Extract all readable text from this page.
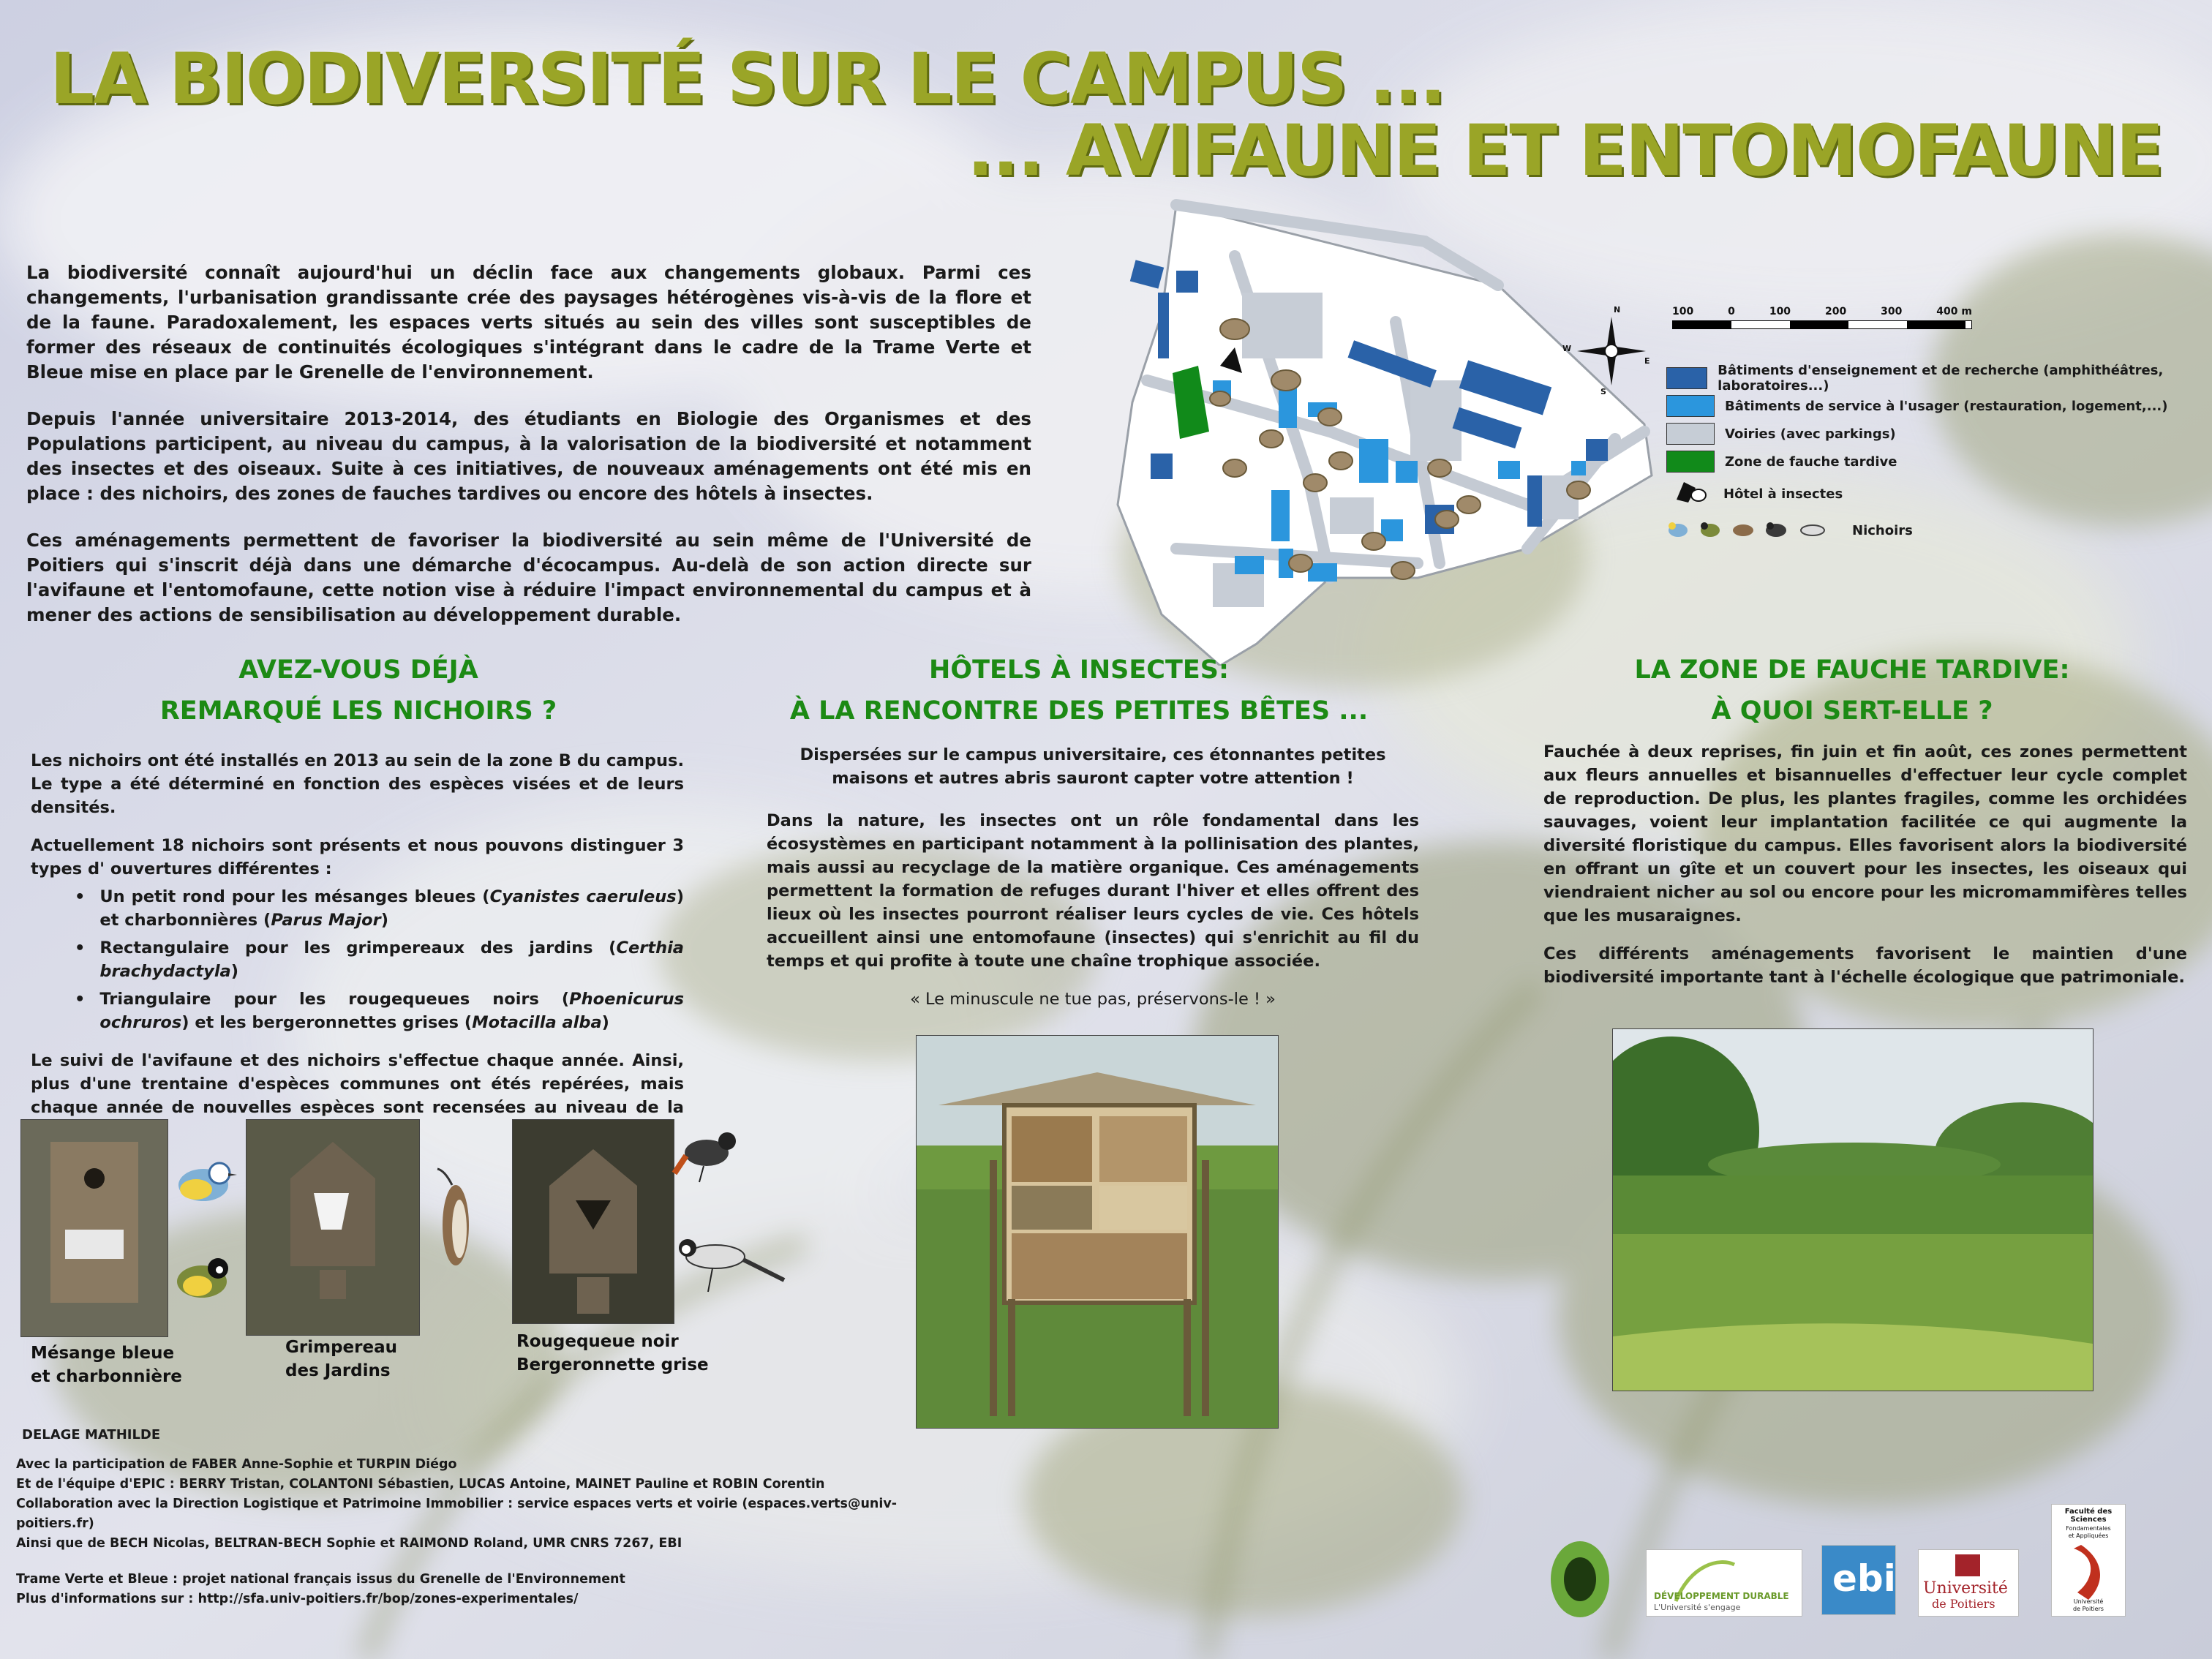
LA BIODIVERSITÉ SUR LE CAMPUS ...
... AVIFAUNE ET ENTOMOFAUNE

La biodiversité connaît aujourd'hui un déclin face aux changements globaux. Parmi ces changements, l'urbanisation grandissante crée des paysages hétérogènes vis-à-vis de la flore et de la faune. Paradoxalement, les espaces verts situés au sein des villes sont susceptibles de former des réseaux de continuités écologiques s'intégrant dans le cadre de la Trame Verte et Bleue mise en place par le Grenelle de l'environnement.

Depuis l'année universitaire 2013-2014, des étudiants en Biologie des Organismes et des Populations participent, au niveau du campus, à la valorisation de la biodiversité et notamment des insectes et des oiseaux. Suite à ces initiatives, de nouveaux aménagements ont été mis en place : des nichoirs, des zones de fauches tardives ou encore des hôtels à insectes.

Ces aménagements permettent de favoriser la biodiversité au sein même de l'Université de Poitiers qui s'inscrit déjà dans une démarche d'écocampus. Au-delà de son action directe sur l'avifaune et l'entomofaune, cette notion vise à réduire l'impact environnemental du campus et à mener des actions de sensibilisation au développement durable.

100	0	100	200	300	400 m
N
E
S
W
Bâtiments d'enseignement et de recherche (amphithéâtres, laboratoires...)
Bâtiments de service à l'usager (restauration, logement,...)
Voiries (avec parkings)
Zone de fauche tardive
Hôtel à insectes
Nichoirs
AVEZ-VOUS DÉJÀ
REMARQUÉ LES NICHOIRS ?

Les nichoirs ont été installés en 2013 au sein de la zone B du campus. Le type a été déterminé en fonction des espèces visées et de leurs densités.

Actuellement 18 nichoirs sont présents et nous pouvons distinguer 3 types d' ouvertures différentes :

• Un petit rond pour les mésanges bleues (Cyanistes caeruleus) et charbonnières (Parus Major)
• Rectangulaire pour les grimpereaux des jardins (Certhia brachydactyla)
• Triangulaire pour les rougequeues noirs (Phoenicurus ochruros) et les bergeronnettes grises (Motacilla alba)

Le suivi de l'avifaune et des nichoirs s'effectue chaque année. Ainsi, plus d'une trentaine d'espèces communes ont étés repérées, mais chaque année de nouvelles espèces sont recensées au niveau de la

Mésange bleue
et charbonnière
Grimpereau
des Jardins
Rougequeue noir
Bergeronnette grise
HÔTELS À INSECTES:
À LA RENCONTRE DES PETITES BÊTES ...

Dispersées sur le campus universitaire, ces étonnantes petites maisons et autres abris sauront capter votre attention !

Dans la nature, les insectes ont un rôle fondamental dans les écosystèmes en participant notamment à la pollinisation des plantes, mais aussi au recyclage de la matière organique. Ces aménagements permettent la formation de refuges durant l'hiver et elles offrent des lieux où les insectes pourront réaliser leurs cycles de vie. Ces hôtels accueillent ainsi une entomofaune (insectes) qui s'enrichit au fil du temps et qui profite à toute une chaîne trophique associée.

« Le minuscule ne tue pas, préservons-le ! »

LA ZONE DE FAUCHE TARDIVE:
À QUOI SERT-ELLE ?

Fauchée à deux reprises, fin juin et fin août, ces zones permettent aux fleurs annuelles et bisannuelles d'effectuer leur cycle complet de reproduction. De plus, les plantes fragiles, comme les orchidées sauvages, voient leur implantation facilitée ce qui augmente la diversité floristique du campus. Elles favorisent alors la biodiversité en offrant un gîte et un couvert pour les insectes, les oiseaux qui viendraient nicher au sol ou encore pour les micromammifères telles que les musaraignes.

Ces différents aménagements favorisent le maintien d'une biodiversité importante tant à l'échelle écologique que patrimoniale.

DELAGE MATHILDE
Avec la participation de FABER Anne-Sophie et TURPIN Diégo
Et de l'équipe d'EPIC : BERRY Tristan, COLANTONI Sébastien, LUCAS Antoine, MAINET Pauline et ROBIN Corentin
Collaboration avec la Direction Logistique et Patrimoine Immobilier : service espaces verts et voirie (espaces.verts@univ-poitiers.fr)
Ainsi que de BECH Nicolas, BELTRAN-BECH Sophie et RAIMOND Roland, UMR CNRS 7267, EBI
Trame Verte et Bleue : projet national français issus du Grenelle de l'Environnement
Plus d'informations sur : http://sfa.univ-poitiers.fr/bop/zones-experimentales/	DÉVELOPPEMENT DURABLE
L'Université s'engage
ebi Université
de Poitiers
Faculté des Sciences
Fondamentales
et Appliquées
Université
de Poitiers
